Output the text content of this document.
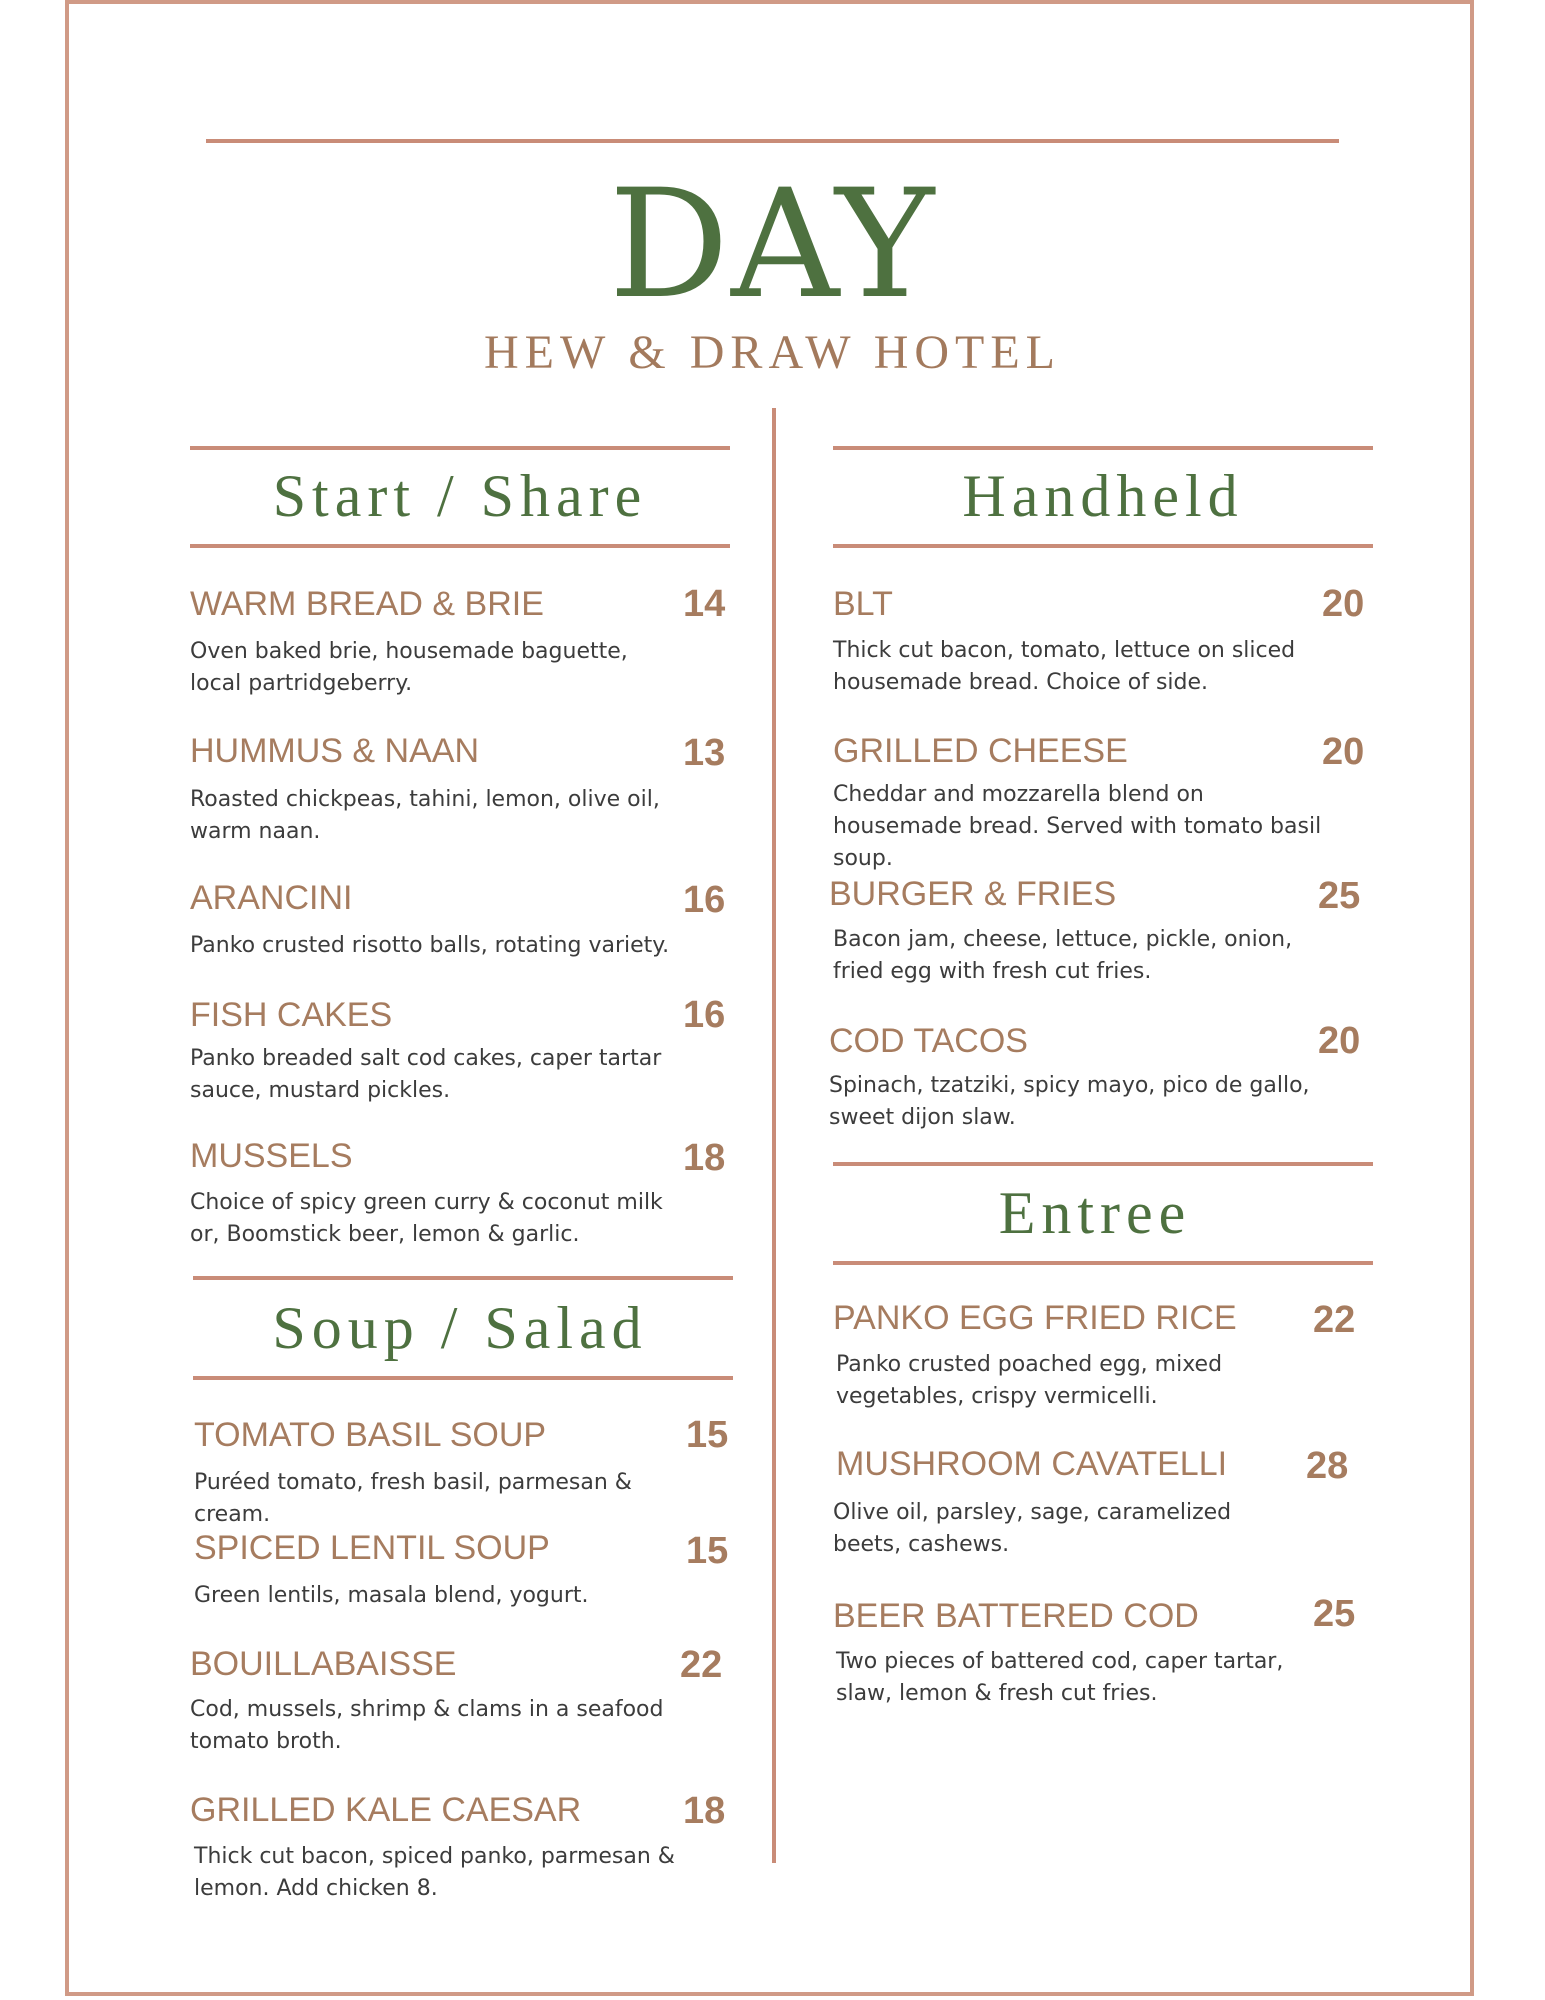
DAY
HEW & DRAW HOTEL
Start / Share
WARM BREAD & BRIE	14
Oven baked brie, housemade baguette, local partridgeberry.
HUMMUS & NAAN	13
Roasted chickpeas, tahini, lemon, olive oil, warm naan.
ARANCINI	16
Panko crusted risotto balls, rotating variety.
FISH CAKES	16
Panko breaded salt cod cakes, caper tartar sauce, mustard pickles.
MUSSELS	18
Choice of spicy green curry & coconut milk or, Boomstick beer, lemon & garlic.
Soup / Salad
TOMATO BASIL SOUP	15
Puréed tomato, fresh basil, parmesan & cream.
SPICED LENTIL SOUP	15
Green lentils, masala blend, yogurt.
BOUILLABAISSE	22
Cod, mussels, shrimp & clams in a seafood tomato broth.
GRILLED KALE CAESAR	18
Thick cut bacon, spiced panko, parmesan & lemon. Add chicken 8.
Handheld
BLT	20
Thick cut bacon, tomato, lettuce on sliced housemade bread. Choice of side.
GRILLED CHEESE	20
Cheddar and mozzarella blend on housemade bread. Served with tomato basil soup.
BURGER & FRIES	25
Bacon jam, cheese, lettuce, pickle, onion, fried egg with fresh cut fries.
COD TACOS	20
Spinach, tzatziki, spicy mayo, pico de gallo, sweet dijon slaw.
Entree
PANKO EGG FRIED RICE 22
Panko crusted poached egg, mixed vegetables, crispy vermicelli.
MUSHROOM CAVATELLI 28
Olive oil, parsley, sage, caramelized beets, cashews.
BEER BATTERED COD	25
Two pieces of battered cod, caper tartar, slaw, lemon & fresh cut fries.
